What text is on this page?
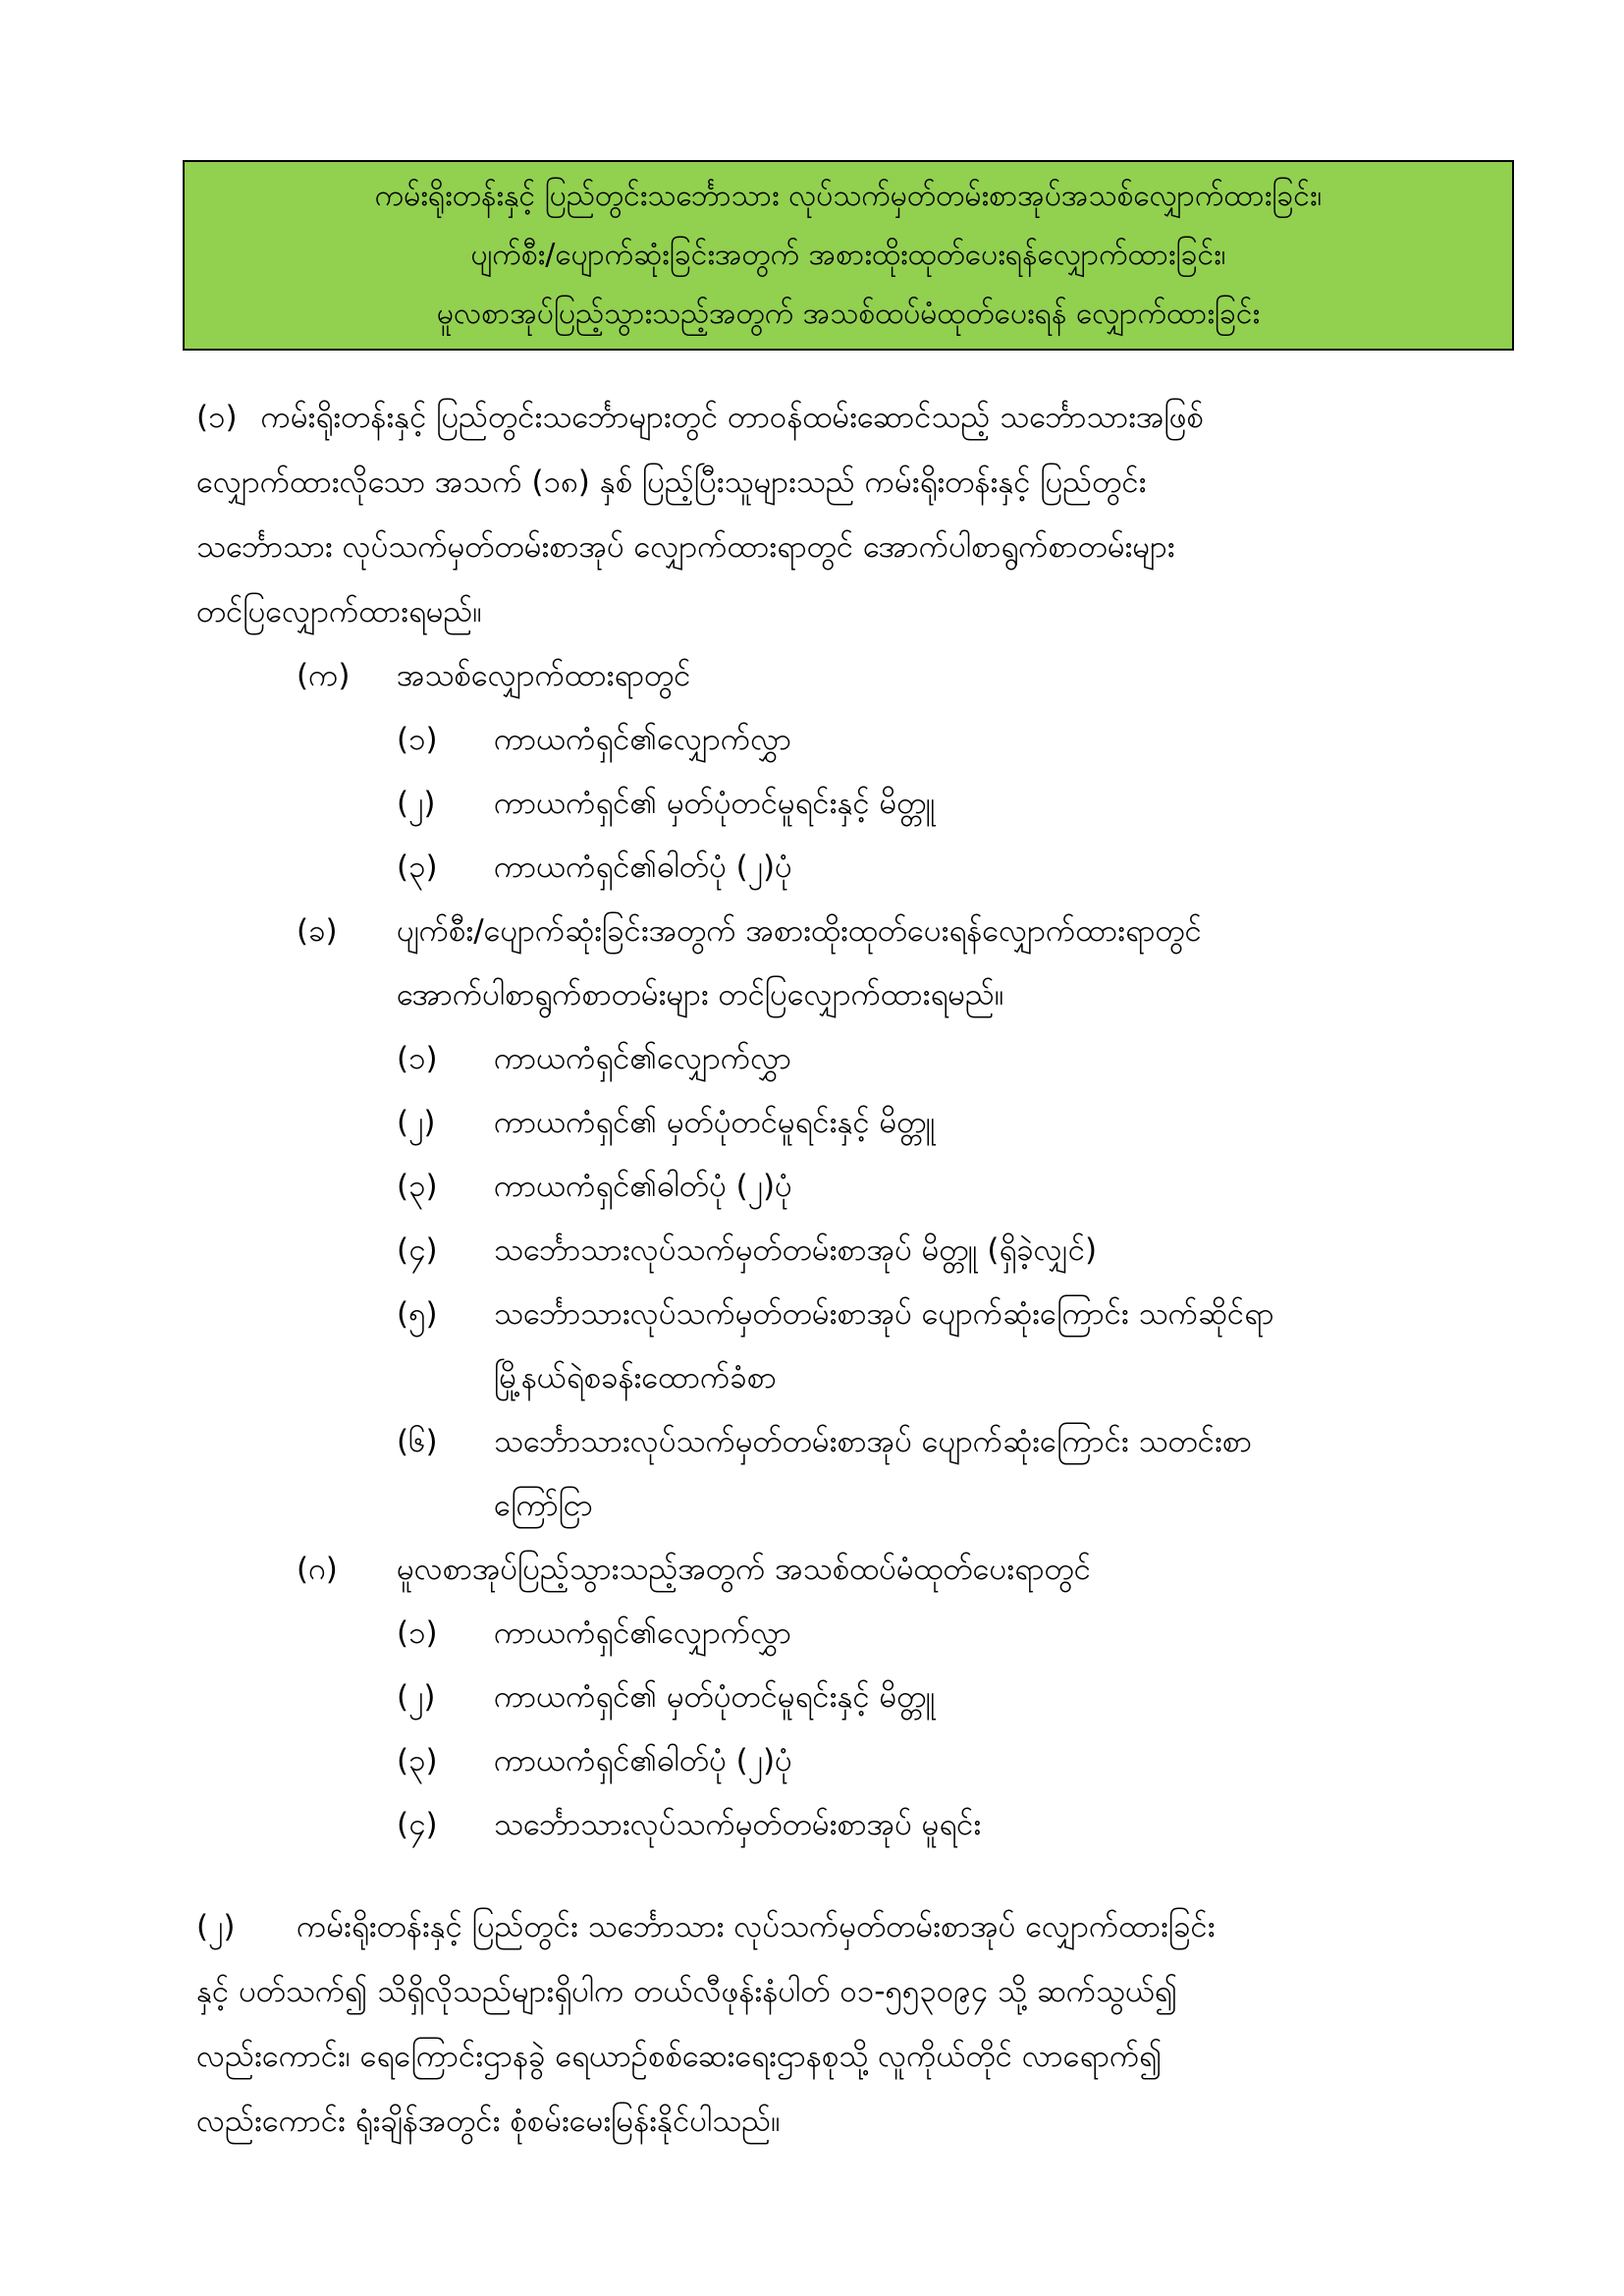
ကမ်းရိုးတန်းနှင့် ပြည်တွင်းသင်္ဘောသား လုပ်သက်မှတ်တမ်းစာအုပ်အသစ်လျှောက်ထားခြင်း၊
ပျက်စီး/ပျောက်ဆုံးခြင်းအတွက် အစားထိုးထုတ်ပေးရန်လျှောက်ထားခြင်း၊
မူလစာအုပ်ပြည့်သွားသည့်အတွက် အသစ်ထပ်မံထုတ်ပေးရန် လျှောက်ထားခြင်း
(၁) ကမ်းရိုးတန်းနှင့် ပြည်တွင်းသင်္ဘောများတွင် တာဝန်ထမ်းဆောင်သည့် သင်္ဘောသားအဖြစ်
လျှောက်ထားလိုသော အသက် (၁၈) နှစ် ပြည့်ပြီးသူများသည် ကမ်းရိုးတန်းနှင့် ပြည်တွင်း
သင်္ဘောသား လုပ်သက်မှတ်တမ်းစာအုပ် လျှောက်ထားရာတွင် အောက်ပါစာရွက်စာတမ်းများ
တင်ပြလျှောက်ထားရမည်။
(က) အသစ်လျှောက်ထားရာတွင်
(၁) ကာယကံရှင်၏လျှောက်လွှာ
(၂) ကာယကံရှင်၏ မှတ်ပုံတင်မူရင်းနှင့် မိတ္တူ
(၃) ကာယကံရှင်၏ဓါတ်ပုံ (၂)ပုံ
(ခ) ပျက်စီး/ပျောက်ဆုံးခြင်းအတွက် အစားထိုးထုတ်ပေးရန်လျှောက်ထားရာတွင်
အောက်ပါစာရွက်စာတမ်းများ တင်ပြလျှောက်ထားရမည်။
(၁) ကာယကံရှင်၏လျှောက်လွှာ
(၂) ကာယကံရှင်၏ မှတ်ပုံတင်မူရင်းနှင့် မိတ္တူ
(၃) ကာယကံရှင်၏ဓါတ်ပုံ (၂)ပုံ
(၄) သင်္ဘောသားလုပ်သက်မှတ်တမ်းစာအုပ် မိတ္တူ (ရှိခဲ့လျှင်)
(၅) သင်္ဘောသားလုပ်သက်မှတ်တမ်းစာအုပ် ပျောက်ဆုံးကြောင်း သက်ဆိုင်ရာ
မြို့နယ်ရဲစခန်းထောက်ခံစာ
(၆) သင်္ဘောသားလုပ်သက်မှတ်တမ်းစာအုပ် ပျောက်ဆုံးကြောင်း သတင်းစာ
ကြော်ငြာ
(ဂ) မူလစာအုပ်ပြည့်သွားသည့်အတွက် အသစ်ထပ်မံထုတ်ပေးရာတွင်
(၁) ကာယကံရှင်၏လျှောက်လွှာ
(၂) ကာယကံရှင်၏ မှတ်ပုံတင်မူရင်းနှင့် မိတ္တူ
(၃) ကာယကံရှင်၏ဓါတ်ပုံ (၂)ပုံ
(၄) သင်္ဘောသားလုပ်သက်မှတ်တမ်းစာအုပ် မူရင်း
(၂) ကမ်းရိုးတန်းနှင့် ပြည်တွင်း သင်္ဘောသား လုပ်သက်မှတ်တမ်းစာအုပ် လျှောက်ထားခြင်း
နှင့် ပတ်သက်၍ သိရှိလိုသည်များရှိပါက တယ်လီဖုန်းနံပါတ် ၀၁-၅၅၃၀၉၄ သို့ ဆက်သွယ်၍
လည်းကောင်း၊ ရေကြောင်းဌာနခွဲ ရေယာဉ်စစ်ဆေးရေးဌာနစုသို့ လူကိုယ်တိုင် လာရောက်၍
လည်းကောင်း ရုံးချိန်အတွင်း စုံစမ်းမေးမြန်းနိုင်ပါသည်။
